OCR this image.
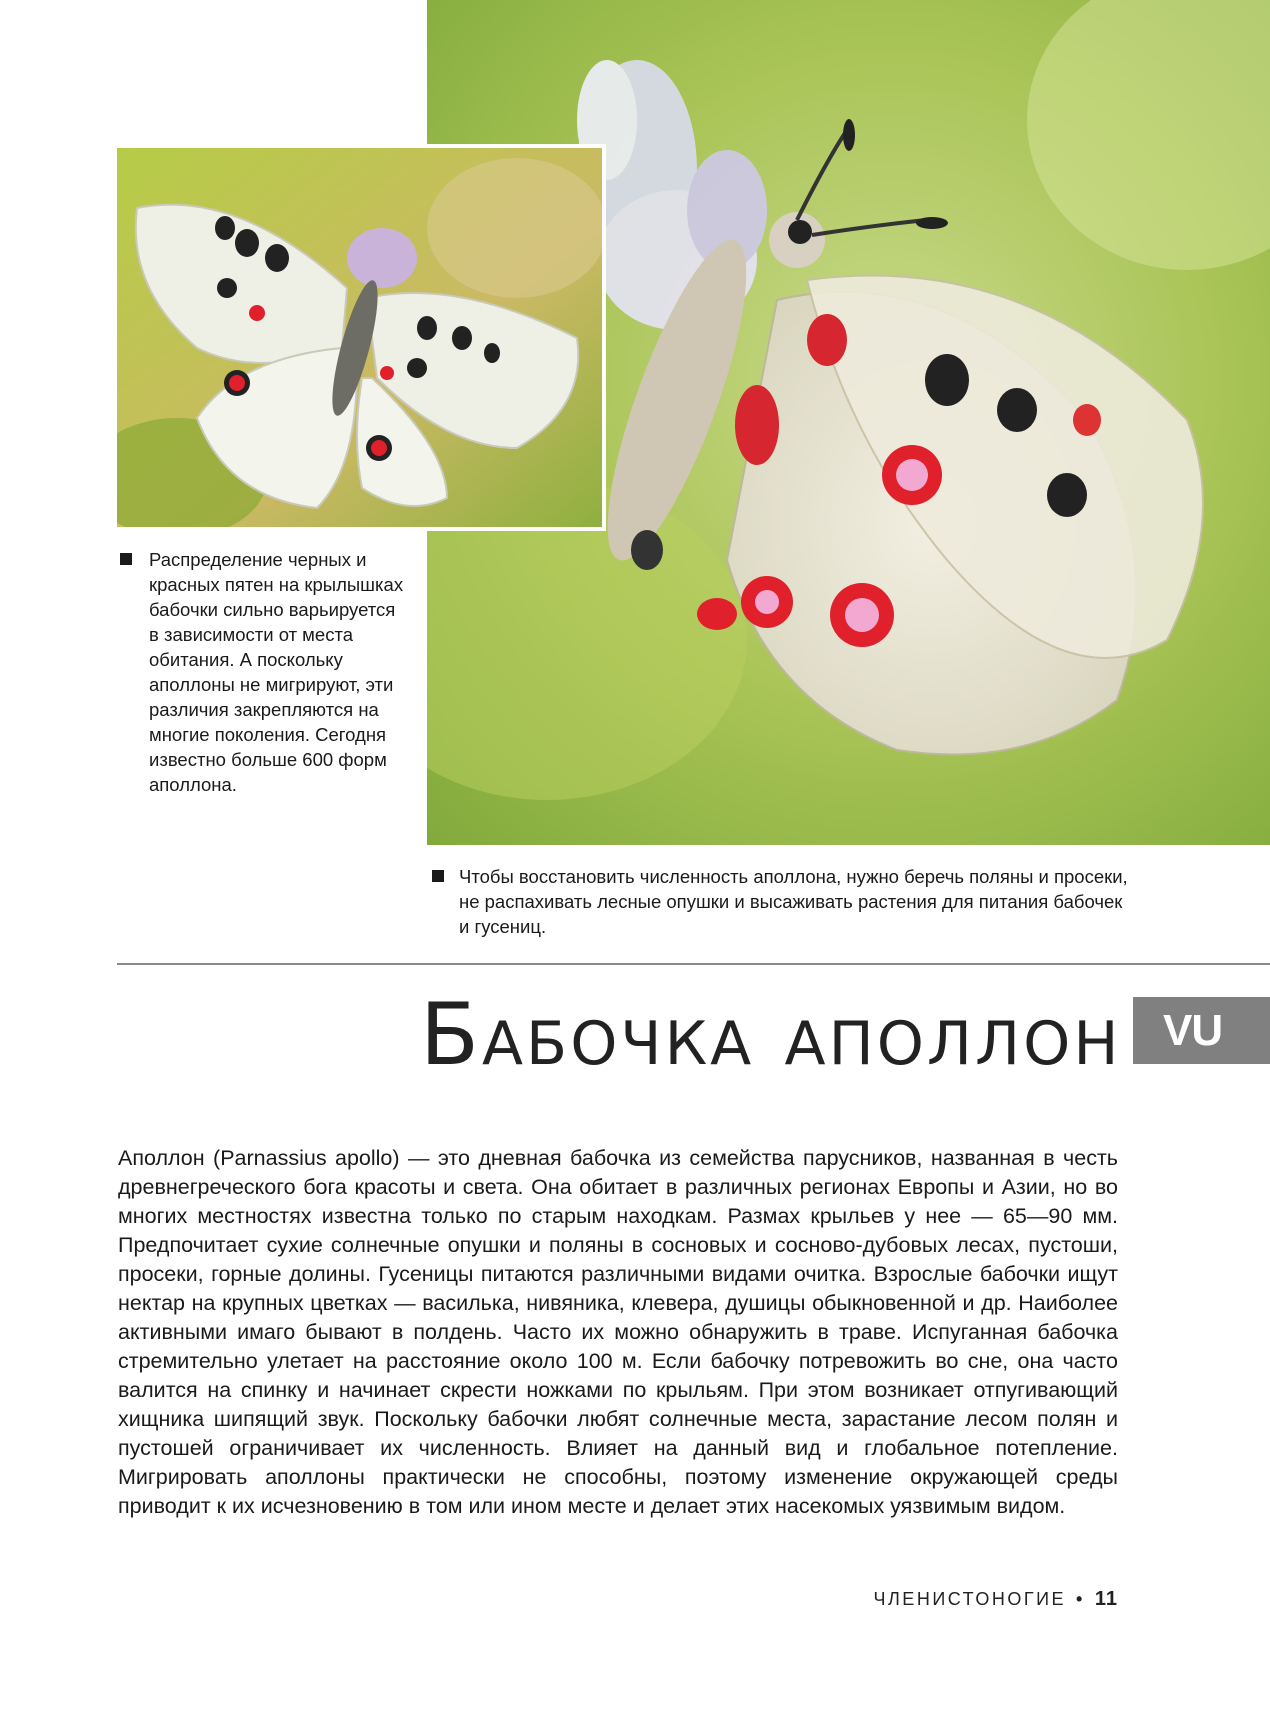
Распределение черных и красных пятен на крылышках бабочки сильно варьируется в зависимости от места обитания. А поскольку аполлоны не мигрируют, эти различия закрепляются на многие поколения. Сегодня известно больше 600 форм аполлона.
Чтобы восстановить численность аполлона, нужно беречь поляны и просеки, не распахивать лесные опушки и высаживать растения для питания бабочек и гусениц.
Бабочка аполлон VU
Аполлон (Parnassius apollo) — это дневная бабочка из семейства парусников, названная в честь древнегреческого бога красоты и света. Она обитает в различных регионах Европы и Азии, но во многих местностях известна только по старым находкам. Размах крыльев у нее — 65—90 мм. Предпочитает сухие солнечные опушки и поляны в сосновых и сосново-дубовых лесах, пустоши, просеки, горные долины. Гусеницы питаются различными видами очитка. Взрослые бабочки ищут нектар на крупных цветках — василька, нивяника, клевера, душицы обыкновенной и др. Наиболее активными имаго бывают в полдень. Часто их можно обнаружить в траве. Испуганная бабочка стремительно улетает на расстояние около 100 м. Если бабочку потревожить во сне, она часто валится на спинку и начинает скрести ножками по крыльям. При этом возникает отпугивающий хищника шипящий звук. Поскольку бабочки любят солнечные места, зарастание лесом полян и пустошей ограничивает их численность. Влияет на данный вид и глобальное потепление. Мигрировать аполлоны практически не способны, поэтому изменение окружающей среды приводит к их исчезновению в том или ином месте и делает этих насекомых уязвимым видом.
ЧЛЕНИСТОНОГИЕ • 11
